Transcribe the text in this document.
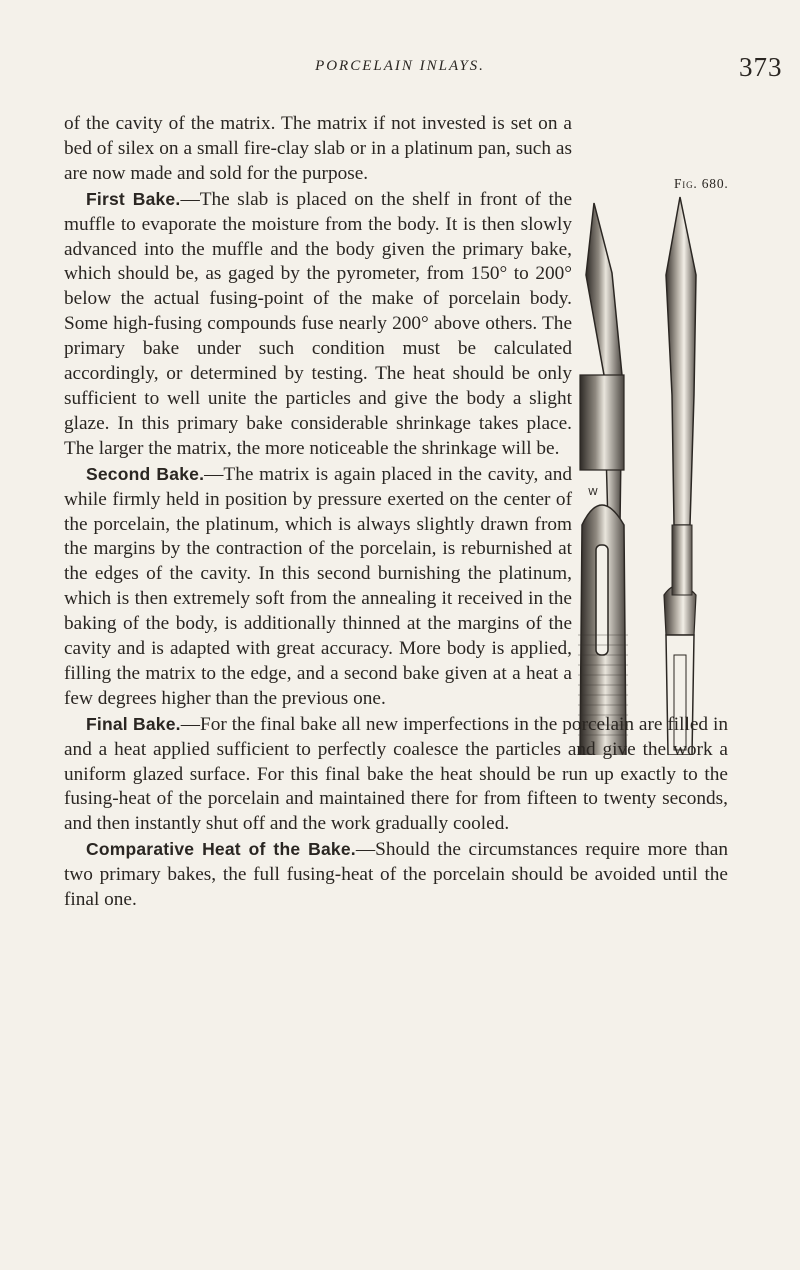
PORCELAIN INLAYS.	373
Fig. 680.
W

of the cavity of the matrix. The matrix if not invested is set on a bed of silex on a small fire-clay slab or in a platinum pan, such as are now made and sold for the purpose.

First Bake.—The slab is placed on the shelf in front of the muffle to evaporate the moisture from the body. It is then slowly advanced into the muffle and the body given the primary bake, which should be, as gaged by the pyrometer, from 150° to 200° below the actual fusing-point of the make of porcelain body. Some high-fusing compounds fuse nearly 200° above others. The primary bake under such condition must be calculated accordingly, or determined by testing. The heat should be only sufficient to well unite the particles and give the body a slight glaze. In this primary bake considerable shrinkage takes place. The larger the matrix, the more noticeable the shrinkage will be.

Second Bake.—The matrix is again placed in the cavity, and while firmly held in position by pressure exerted on the center of the porcelain, the platinum, which is always slightly drawn from the margins by the contraction of the porcelain, is reburnished at the edges of the cavity. In this second burnishing the platinum, which is then extremely soft from the annealing it received in the baking of the body, is additionally thinned at the margins of the cavity and is adapted with great accuracy. More body is applied, filling the matrix to the edge, and a second bake given at a heat a few degrees higher than the previous one.

Final Bake.—For the final bake all new imperfections in the porcelain are filled in and a heat applied sufficient to perfectly coalesce the particles and give the work a uniform glazed surface. For this final bake the heat should be run up exactly to the fusing-heat of the porcelain and maintained there for from fifteen to twenty seconds, and then instantly shut off and the work gradually cooled.

Comparative Heat of the Bake.—Should the circumstances require more than two primary bakes, the full fusing-heat of the porcelain should be avoided until the final one.
